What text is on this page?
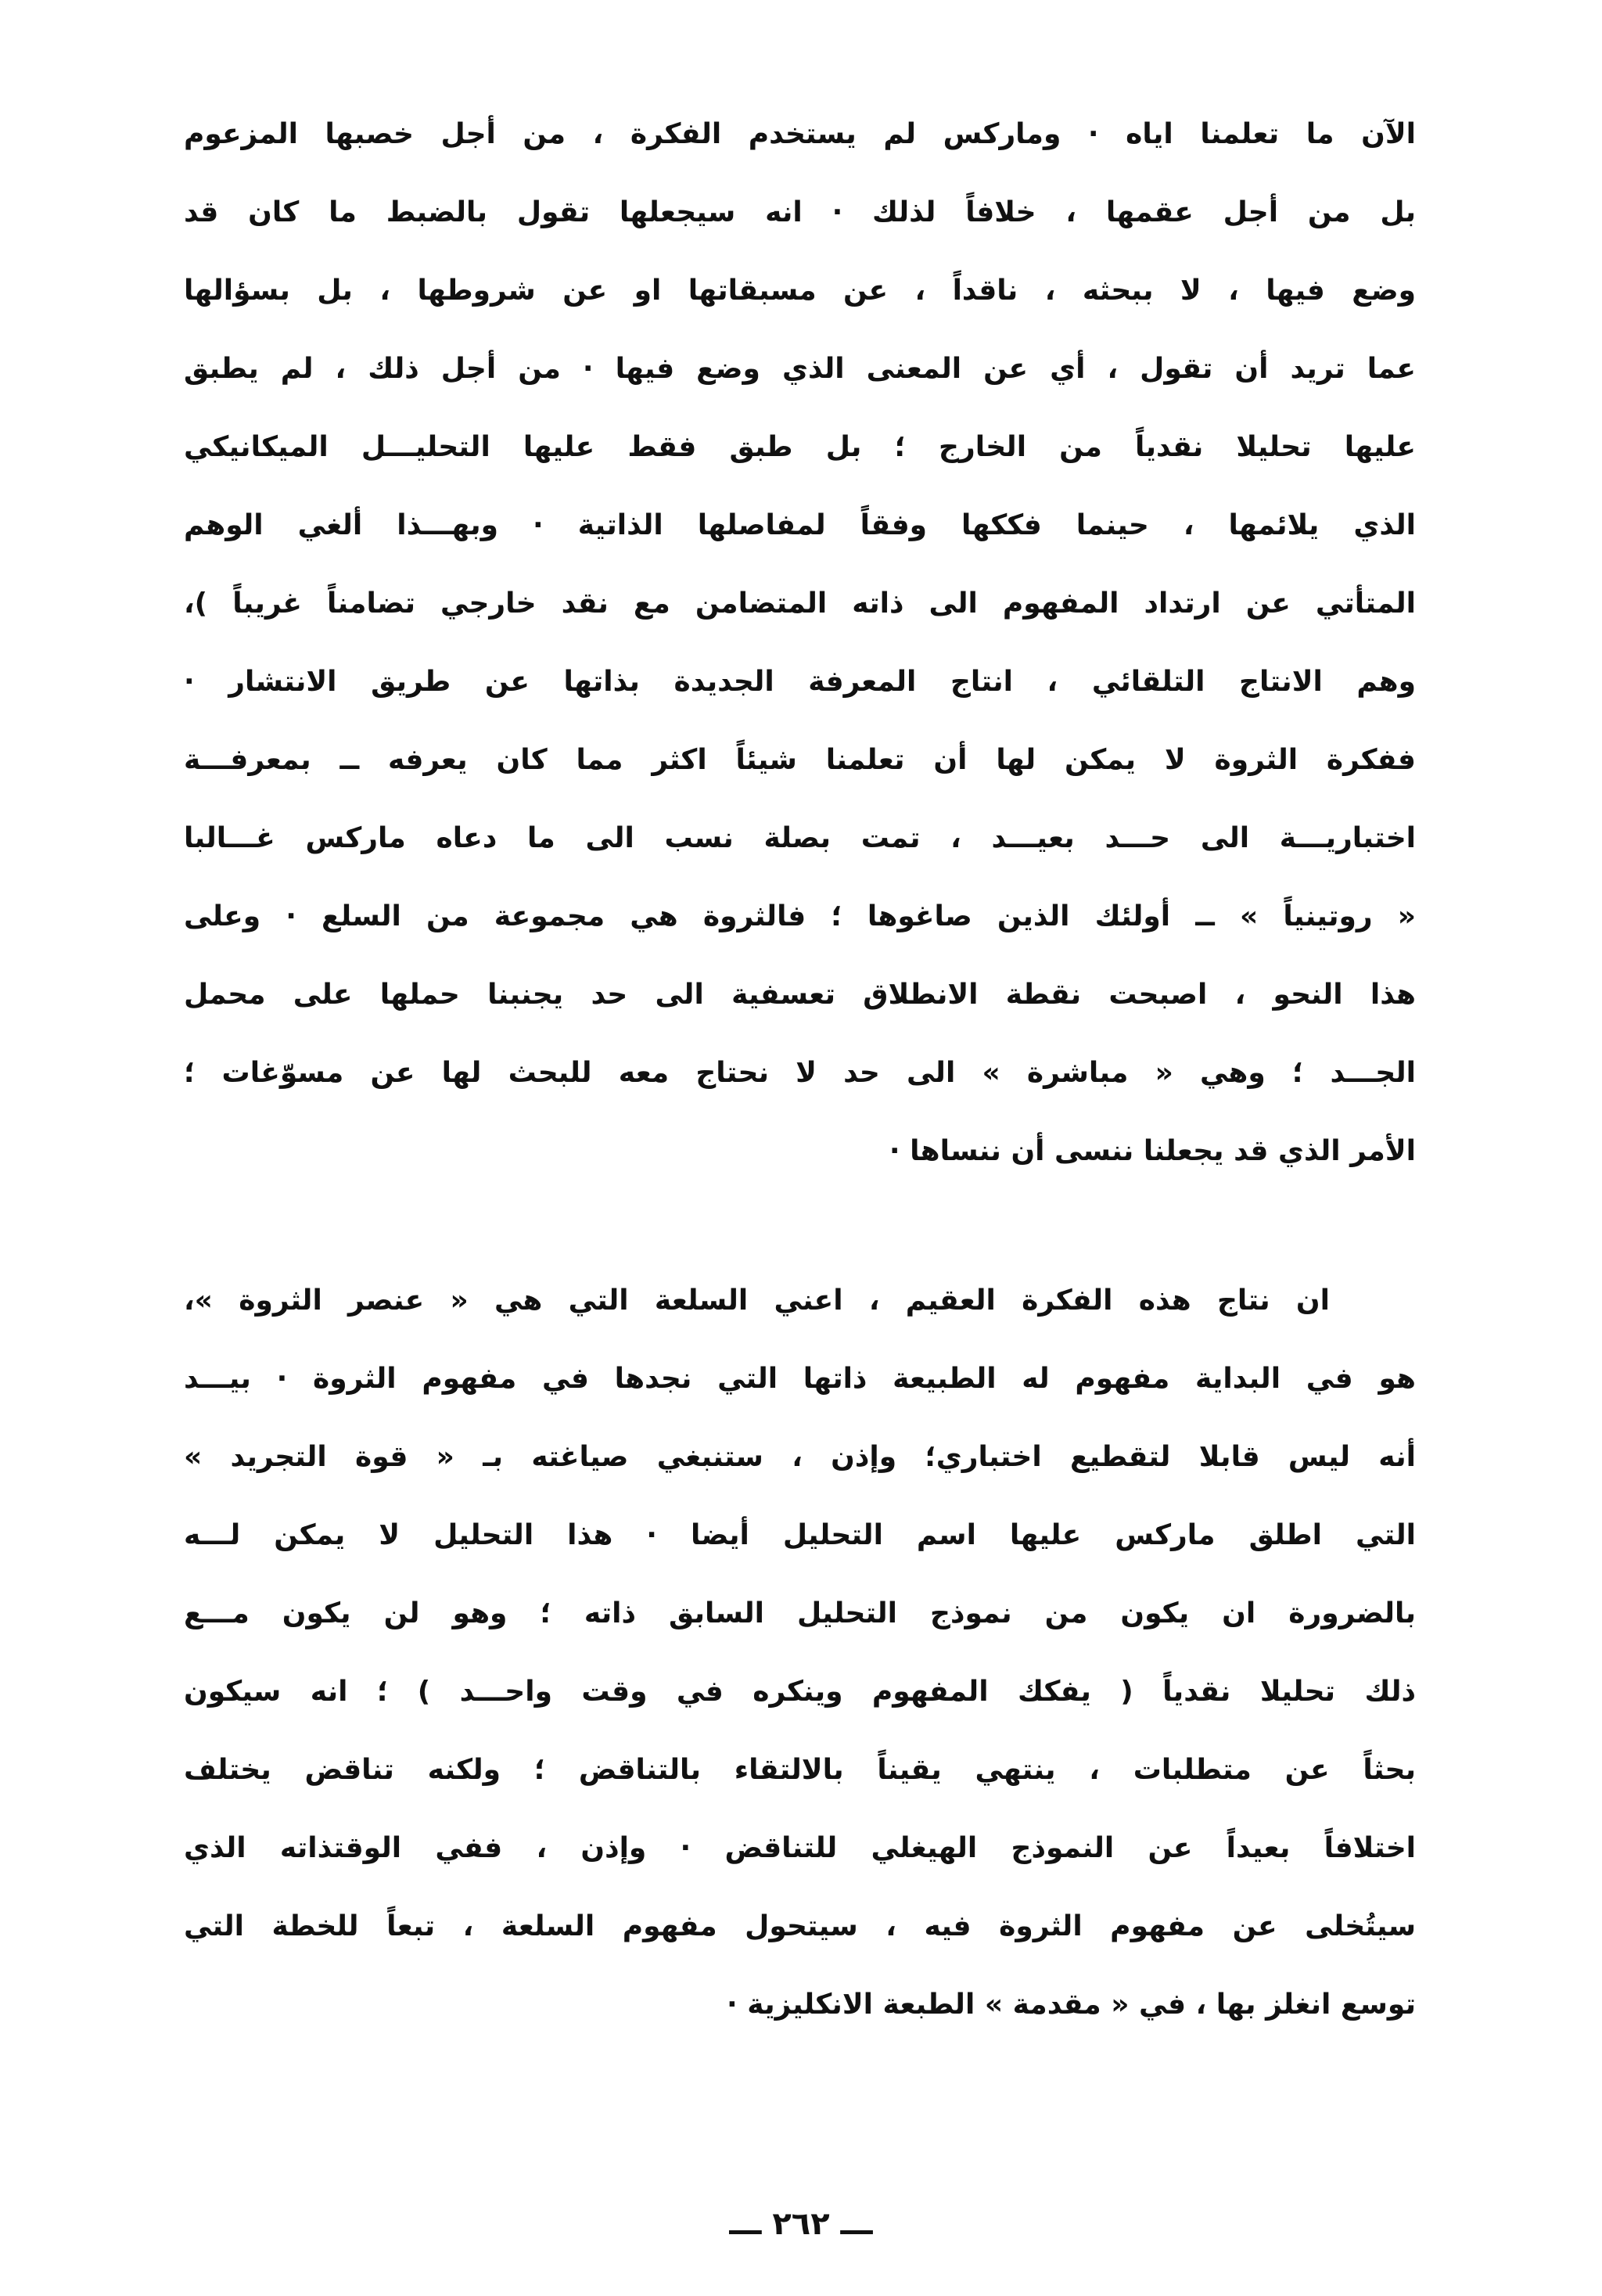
الآن ما تعلمنا اياه · وماركس لم يستخدم الفكرة ، من أجل خصبها المزعوم
بل من أجل عقمها ، خلافاً لذلك · انه سيجعلها تقول بالضبط ما كان قد
وضع فيها ، لا ببحثه ، ناقداً ، عن مسبقاتها او عن شروطها ، بل بسؤالها
عما تريد أن تقول ، أي عن المعنى الذي وضع فيها · من أجل ذلك ، لم يطبق
عليها تحليلا نقدياً من الخارج ؛ بل طبق فقط عليها التحليـــل الميكانيكي
الذي يلائمها ، حينما فككها وفقاً لمفاصلها الذاتية · وبهـــذا ألغي الوهم
المتأتي عن ارتداد المفهوم الى ذاته المتضامن مع نقد خارجي تضامناً غريباً )،
وهم الانتاج التلقائي ، انتاج المعرفة الجديدة بذاتها عن طريق الانتشار ·
ففكرة الثروة لا يمكن لها أن تعلمنا شيئاً اكثر مما كان يعرفه ــ بمعرفـــة
اختباريـــة الى حـــد بعيـــد ، تمت بصلة نسب الى ما دعاه ماركس غـــالبا
« روتينياً » ــ أولئك الذين صاغوها ؛ فالثروة هي مجموعة من السلع · وعلى
هذا النحو ، اصبحت نقطة الانطلاق تعسفية الى حد يجنبنا حملها على محمل
الجـــد ؛ وهي « مباشرة » الى حد لا نحتاج معه للبحث لها عن مسوّغات ؛
الأمر الذي قد يجعلنا ننسى أن ننساها ·
ان نتاج هذه الفكرة العقيم ، اعني السلعة التي هي « عنصر الثروة »،
هو في البداية مفهوم له الطبيعة ذاتها التي نجدها في مفهوم الثروة · بيـــد
أنه ليس قابلا لتقطيع اختباري؛ وإذن ، ستنبغي صياغته بـ « قوة التجريد »
التي اطلق ماركس عليها اسم التحليل أيضا · هذا التحليل لا يمكن لـــه
بالضرورة ان يكون من نموذج التحليل السابق ذاته ؛ وهو لن يكون مـــع
ذلك تحليلا نقدياً ( يفكك المفهوم وينكره في وقت واحـــد ) ؛ انه سيكون
بحثاً عن متطلبات ، ينتهي يقيناً بالالتقاء بالتناقض ؛ ولكنه تناقض يختلف
اختلافاً بعيداً عن النموذج الهيغلي للتناقض · وإذن ، ففي الوقتذاته الذي
سيتُخلى عن مفهوم الثروة فيه ، سيتحول مفهوم السلعة ، تبعاً للخطة التي
توسع انغلز بها ، في « مقدمة » الطبعة الانكليزية ·
ـــ ٢٦٢ ـــ
